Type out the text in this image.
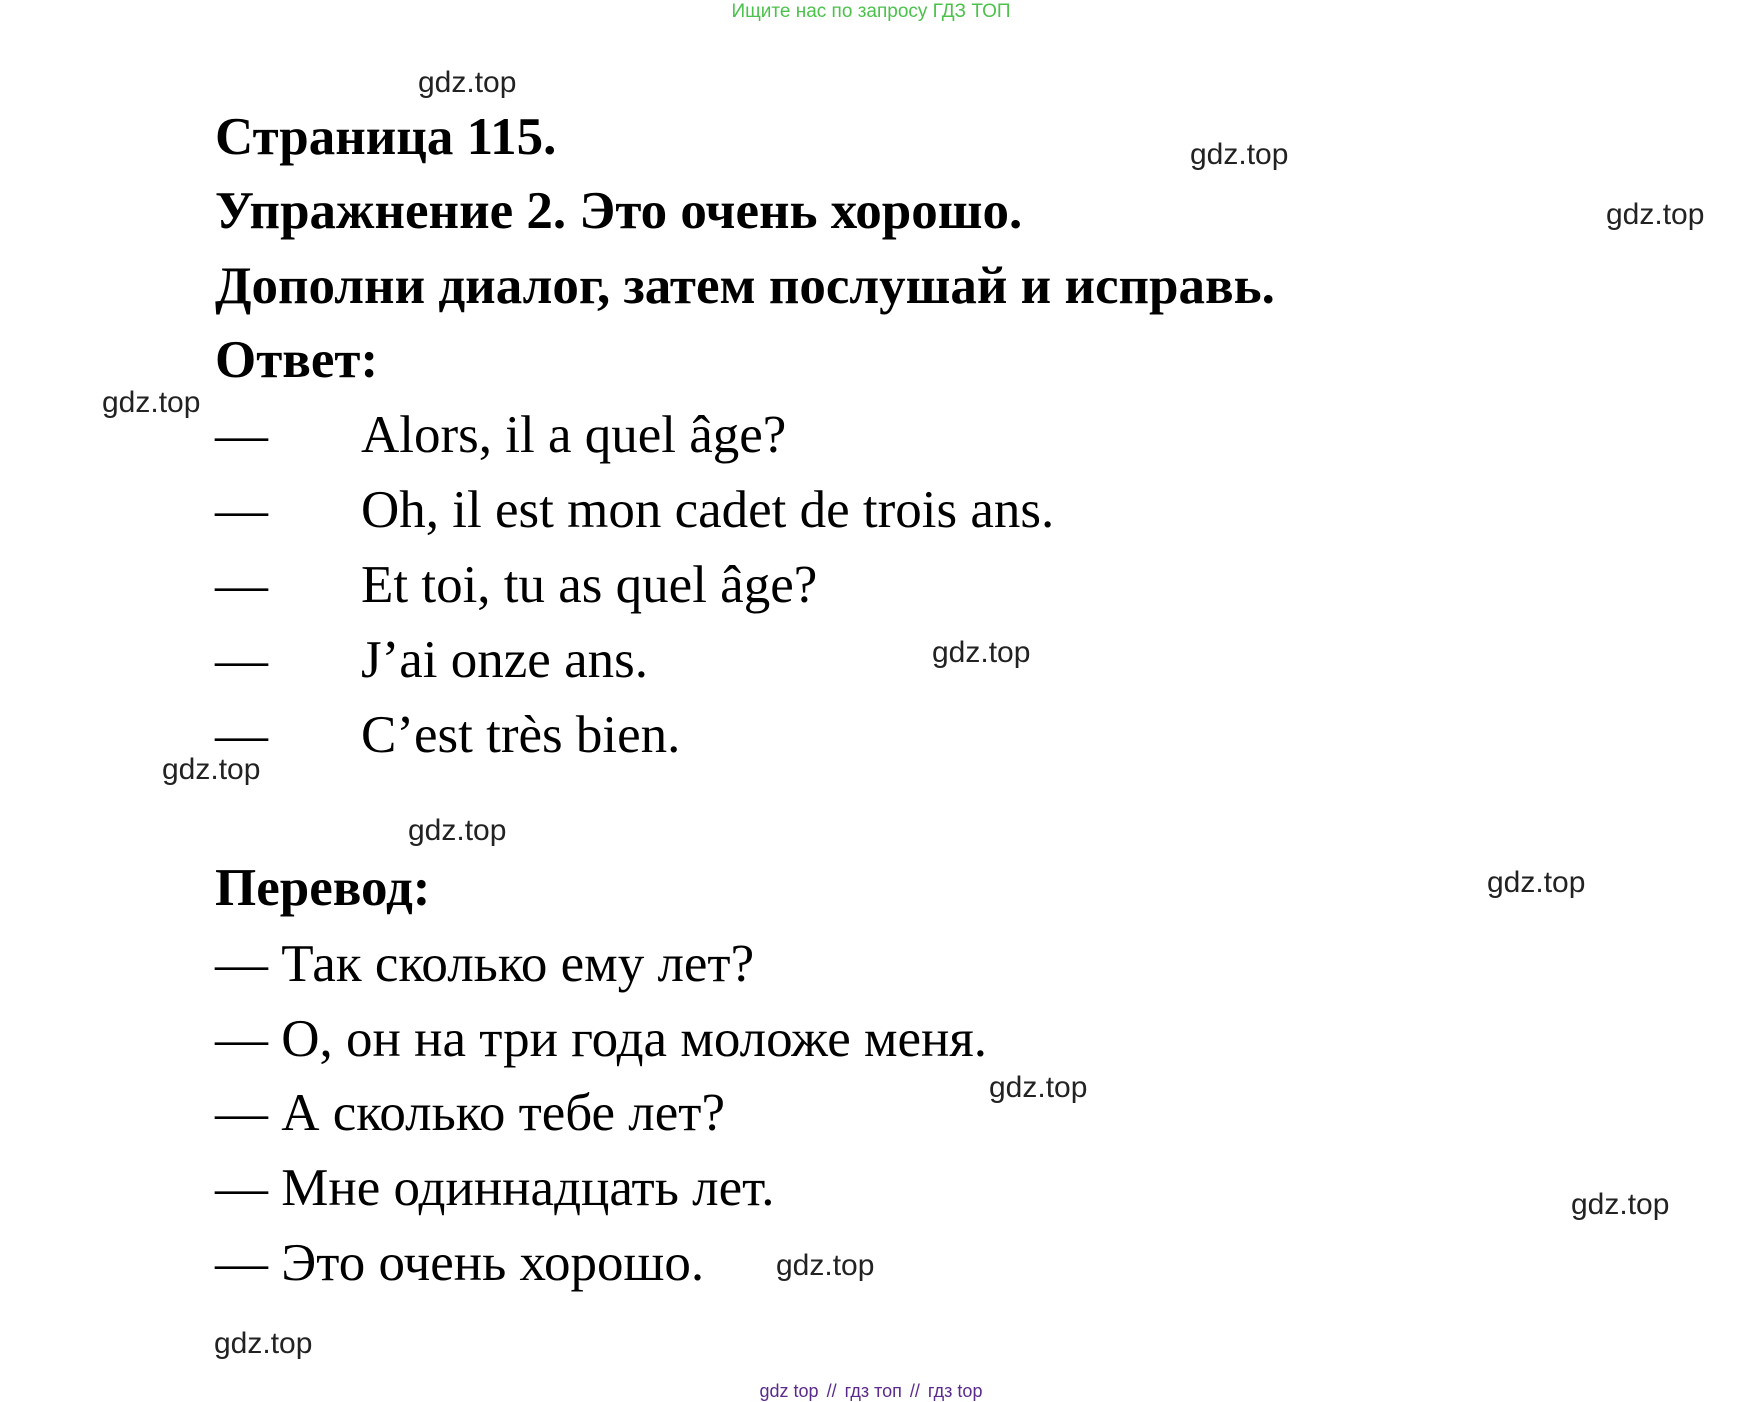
Ищите нас по запросу ГДЗ ТОП
Страница 115.
Упражнение 2. Это очень хорошо.
Дополни диалог, затем послушай и исправь.
Ответ:
— Alors, il a quel âge?
— Oh, il est mon cadet de trois ans.
— Et toi, tu as quel âge?
— J’ai onze ans.
— C’est très bien.
Перевод:
— Так сколько ему лет?
— О, он на три года моложе меня.
— А сколько тебе лет?
— Мне одиннадцать лет.
— Это очень хорошо.
gdz.top
gdz.top
gdz.top
gdz.top
gdz.top
gdz.top
gdz.top
gdz.top
gdz.top
gdz.top
gdz.top
gdz.top
gdz top // гдз топ // гдз top
